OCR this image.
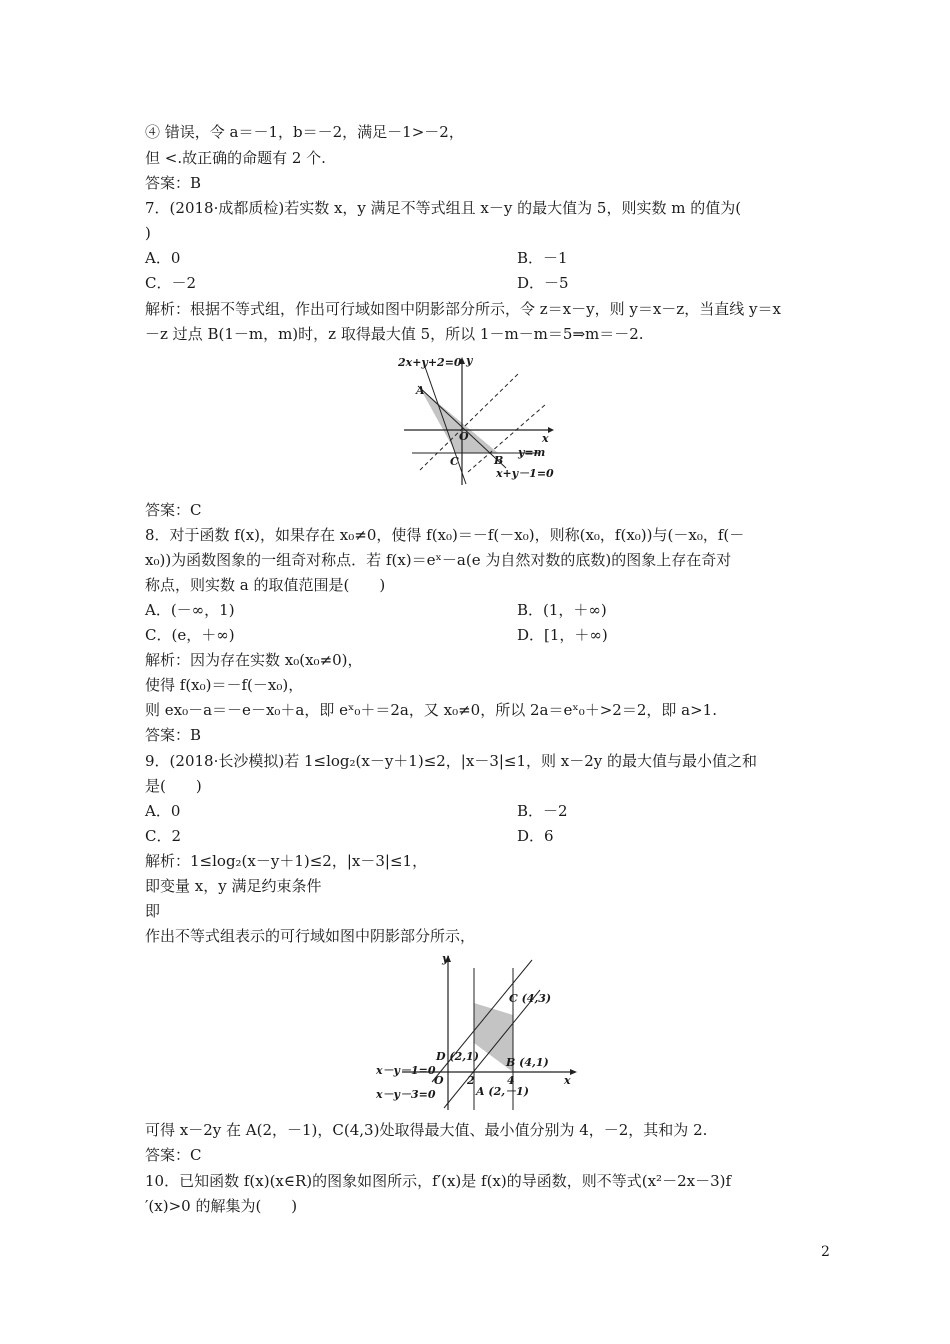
④ 错误，令 a＝－1，b＝－2，满足－1>－2，
但 <.故正确的命题有 2 个.
答案：B
7．(2018·成都质检)若实数 x，y 满足不等式组且 x－y 的最大值为 5，则实数 m 的值为(
)
A．0	B．－1
C．－2	D．－5
解析：根据不等式组，作出可行域如图中阴影部分所示，令 z＝x－y，则 y＝x－z，当直线 y＝x
－z 过点 B(1－m，m)时，z 取得最大值 5，所以 1－m－m＝5⇒m＝－2.
2x+y+2=0 y
x
A
O
C	B
y=m
x+y－1=0
答案：C
8．对于函数 f(x)，如果存在 x₀≠0，使得 f(x₀)＝－f(－x₀)，则称(x₀，f(x₀))与(－x₀，f(－
x₀))为函数图象的一组奇对称点．若 f(x)＝eˣ－a(e 为自然对数的底数)的图象上存在奇对
称点，则实数 a 的取值范围是(　　)
A．(－∞，1)	B．(1，＋∞)
C．(e，＋∞)	D．[1，＋∞)
解析：因为存在实数 x₀(x₀≠0)，
使得 f(x₀)＝－f(－x₀)，
则 ex₀－a＝－e－x₀＋a，即 eˣ₀＋＝2a，又 x₀≠0，所以 2a＝eˣ₀＋>2＝2，即 a>1.
答案：B
9．(2018·长沙模拟)若 1≤log₂(x－y＋1)≤2，|x－3|≤1，则 x－2y 的最大值与最小值之和
是(　　)
A．0	B．－2
C．2	D．6
解析：1≤log₂(x－y＋1)≤2，|x－3|≤1，
即变量 x，y 满足约束条件
即
作出不等式组表示的可行域如图中阴影部分所示，
y
x
C (4,3)
D (2,1) B (4,1)
O 2	4
A (2,－1)
x－y－1=0
x－y－3=0
可得 x－2y 在 A(2，－1)，C(4,3)处取得最大值、最小值分别为 4，－2，其和为 2.
答案：C
10．已知函数 f(x)(x∈R)的图象如图所示，f′(x)是 f(x)的导函数，则不等式(x²－2x－3)f
′(x)>0 的解集为(　　)
2
